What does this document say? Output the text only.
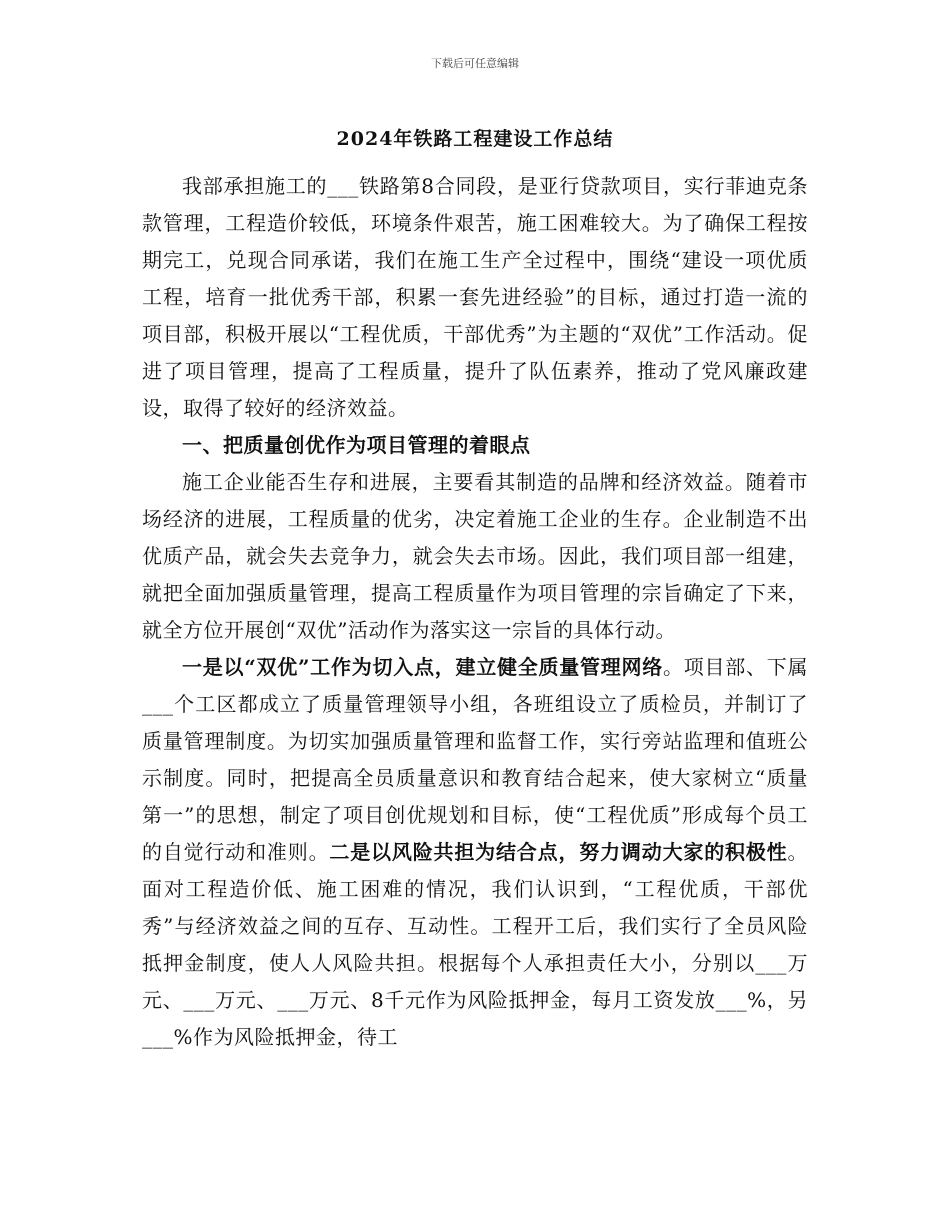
下载后可任意编辑
2024年铁路工程建设工作总结

我部承担施工的___铁路第8合同段，是亚行贷款项目，实行菲迪克条款管理，工程造价较低，环境条件艰苦，施工困难较大。为了确保工程按期完工，兑现合同承诺，我们在施工生产全过程中，围绕“建设一项优质工程，培育一批优秀干部，积累一套先进经验”的目标，通过打造一流的项目部，积极开展以“工程优质，干部优秀”为主题的“双优”工作活动。促进了项目管理，提高了工程质量，提升了队伍素养，推动了党风廉政建设，取得了较好的经济效益。

一、把质量创优作为项目管理的着眼点

施工企业能否生存和进展，主要看其制造的品牌和经济效益。随着市场经济的进展，工程质量的优劣，决定着施工企业的生存。企业制造不出优质产品，就会失去竞争力，就会失去市场。因此，我们项目部一组建，就把全面加强质量管理，提高工程质量作为项目管理的宗旨确定了下来，就全方位开展创“双优”活动作为落实这一宗旨的具体行动。

一是以“双优”工作为切入点，建立健全质量管理网络。项目部、下属___个工区都成立了质量管理领导小组，各班组设立了质检员，并制订了质量管理制度。为切实加强质量管理和监督工作，实行旁站监理和值班公示制度。同时，把提高全员质量意识和教育结合起来，使大家树立“质量第一”的思想，制定了项目创优规划和目标，使“工程优质”形成每个员工的自觉行动和准则。二是以风险共担为结合点，努力调动大家的积极性。面对工程造价低、施工困难的情况，我们认识到，“工程优质，干部优秀”与经济效益之间的互存、互动性。工程开工后，我们实行了全员风险抵押金制度，使人人风险共担。根据每个人承担责任大小，分别以___万元、___万元、___万元、8千元作为风险抵押金，每月工资发放___%，另___%作为风险抵押金，待工
